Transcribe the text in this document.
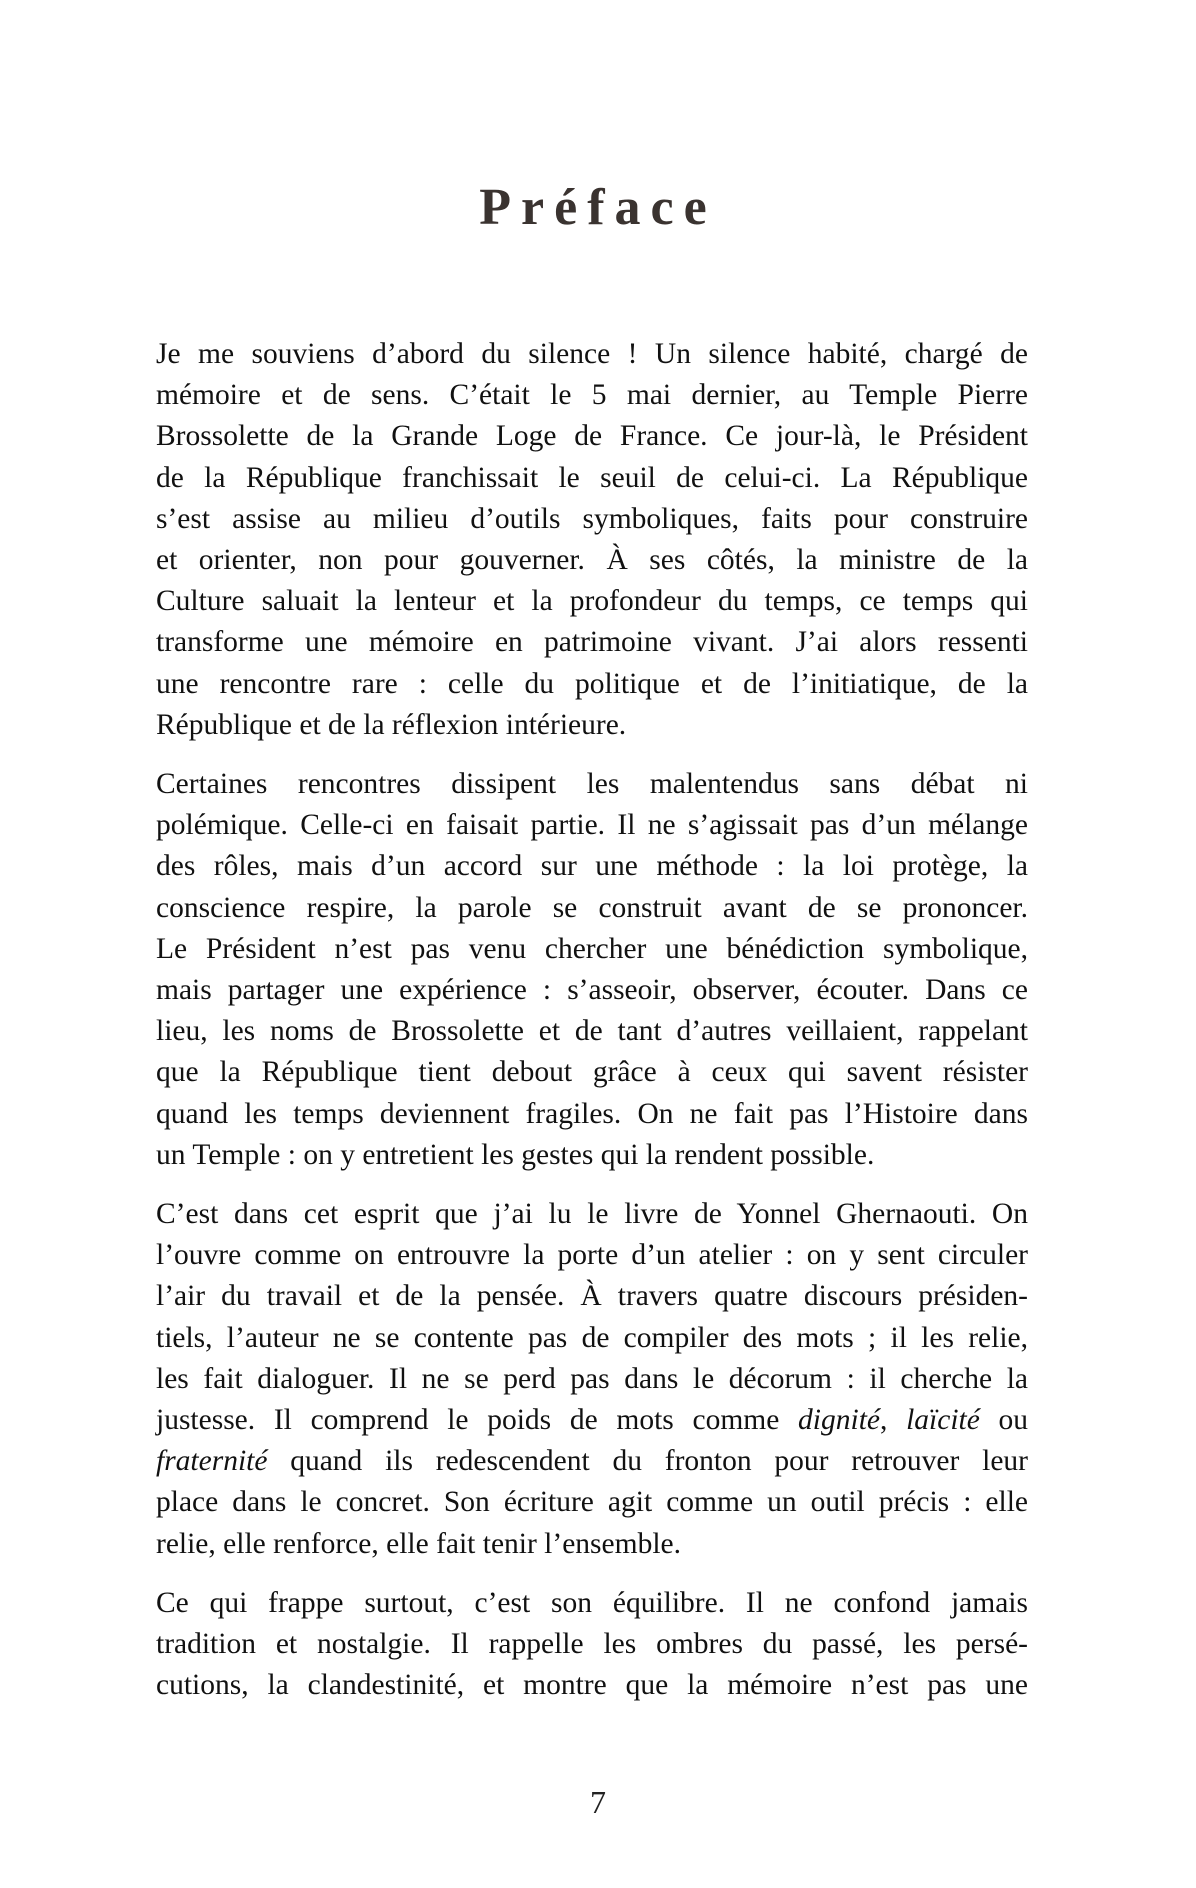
Préface

Je me souviens d’abord du silence ! Un silence habité, chargé de
mémoire et de sens. C’était le 5 mai dernier, au Temple Pierre
Brossolette de la Grande Loge de France. Ce jour-là, le Président
de la République franchissait le seuil de celui-ci. La République
s’est assise au milieu d’outils symboliques, faits pour construire
et orienter, non pour gouverner. À ses côtés, la ministre de la
Culture saluait la lenteur et la profondeur du temps, ce temps qui
transforme une mémoire en patrimoine vivant. J’ai alors ressenti
une rencontre rare : celle du politique et de l’initiatique, de la
République et de la réflexion intérieure.

Certaines rencontres dissipent les malentendus sans débat ni
polémique. Celle-ci en faisait partie. Il ne s’agissait pas d’un mélange
des rôles, mais d’un accord sur une méthode : la loi protège, la
conscience respire, la parole se construit avant de se prononcer.
Le Président n’est pas venu chercher une bénédiction symbolique,
mais partager une expérience : s’asseoir, observer, écouter. Dans ce
lieu, les noms de Brossolette et de tant d’autres veillaient, rappelant
que la République tient debout grâce à ceux qui savent résister
quand les temps deviennent fragiles. On ne fait pas l’Histoire dans
un Temple : on y entretient les gestes qui la rendent possible.

C’est dans cet esprit que j’ai lu le livre de Yonnel Ghernaouti. On
l’ouvre comme on entrouvre la porte d’un atelier : on y sent circuler
l’air du travail et de la pensée. À travers quatre discours présiden-
tiels, l’auteur ne se contente pas de compiler des mots ; il les relie,
les fait dialoguer. Il ne se perd pas dans le décorum : il cherche la
justesse. Il comprend le poids de mots comme dignité, laïcité ou
fraternité quand ils redescendent du fronton pour retrouver leur
place dans le concret. Son écriture agit comme un outil précis : elle
relie, elle renforce, elle fait tenir l’ensemble.

Ce qui frappe surtout, c’est son équilibre. Il ne confond jamais
tradition et nostalgie. Il rappelle les ombres du passé, les persé-
cutions, la clandestinité, et montre que la mémoire n’est pas une

7
